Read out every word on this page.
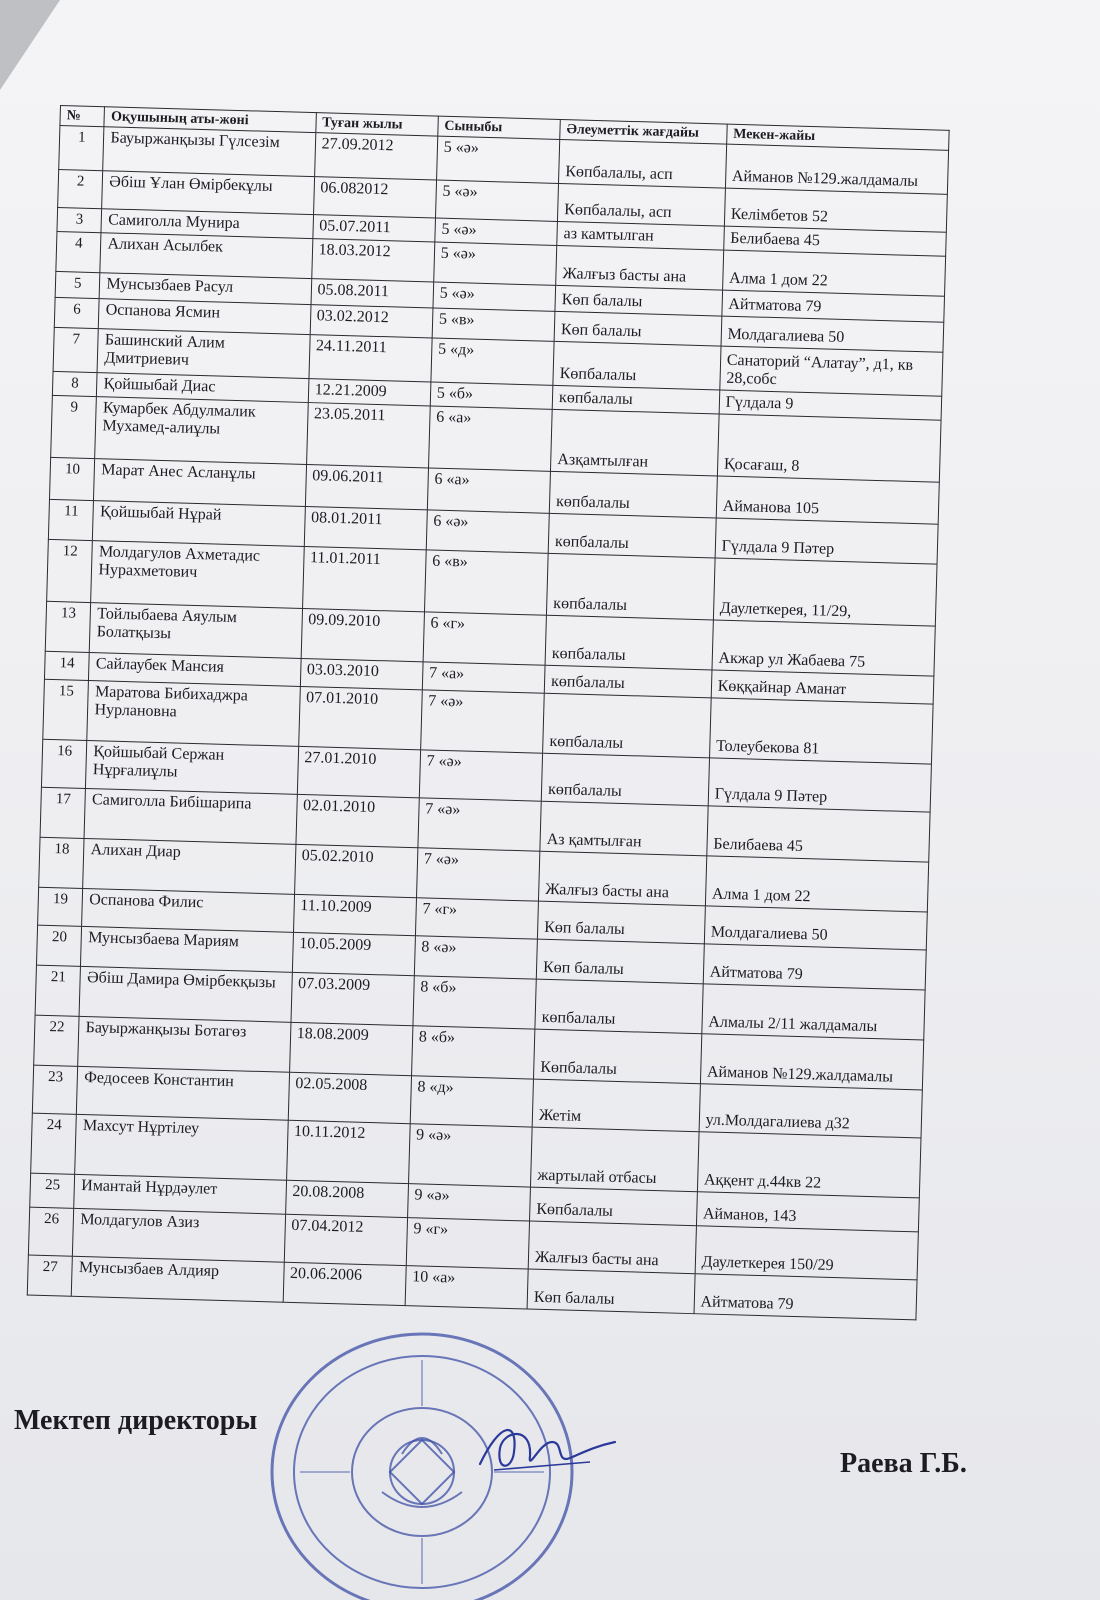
№	Оқушының аты-жөні	Туған жылы	Сыныбы	Әлеуметтік жағдайы	Мекен-жайы
1	Бауыржанқызы Гүлсезім	27.09.2012	5 «ә»	Көпбалалы, асп	Айманов №129.жалдамалы
2	Әбіш Ұлан Өмірбекұлы	06.082012	5 «ә»	Көпбалалы, асп	Келімбетов 52
3	Самиголла Мунира	05.07.2011	5 «ә»	аз камтылган	Белибаева 45
4	Алихан Асылбек	18.03.2012	5 «ә»	Жалғыз басты ана	Алма 1 дом 22
5	Мунсызбаев Расул	05.08.2011	5 «ә»	Көп балалы	Айтматова 79
6	Оспанова Ясмин	03.02.2012	5 «в»	Көп балалы	Молдагалиева 50
7	Башинский Алим Дмитриевич	24.11.2011	5 «д»	Көпбалалы	Санаторий “Алатау”, д1, кв 28,собс
8	Қойшыбай Диас	12.21.2009	5 «б»	көпбалалы	Гүлдала 9
9	Кумарбек Абдулмалик Мухамед-алиұлы	23.05.2011	6 «а»	Азқамтылған	Қосағаш, 8
10	Марат Анес Асланұлы	09.06.2011	6 «а»	көпбалалы	Айманова 105
11	Қойшыбай Нұрай	08.01.2011	6 «ә»	көпбалалы	Гүлдала 9 Пәтер
12	Молдагулов Ахметадис Нурахметович	11.01.2011	6 «в»	көпбалалы	Даулеткерея, 11/29,
13	Тойлыбаева Аяулым Болатқызы	09.09.2010	6 «г»	көпбалалы	Акжар ул Жабаева 75
14	Сайлаубек Мансия	03.03.2010	7 «а»	көпбалалы	Көққайнар Аманат
15	Маратова Бибихаджра Нурлановна	07.01.2010	7 «ә»	көпбалалы	Толеубекова 81
16	Қойшыбай Сержан Нұрғалиұлы	27.01.2010	7 «ә»	көпбалалы	Гүлдала 9 Пәтер
17	Самиголла Бибішарипа	02.01.2010	7 «ә»	Аз қамтылған	Белибаева 45
18	Алихан Диар	05.02.2010	7 «ә»	Жалғыз басты ана	Алма 1 дом 22
19	Оспанова Филис	11.10.2009	7 «г»	Көп балалы	Молдагалиева 50
20	Мунсызбаева Мариям	10.05.2009	8 «ә»	Көп балалы	Айтматова 79
21	Әбіш Дамира Өмірбекқызы	07.03.2009	8 «б»	көпбалалы	Алмалы 2/11 жалдамалы
22	Бауыржанқызы Ботагөз	18.08.2009	8 «б»	Көпбалалы	Айманов №129.жалдамалы
23	Федосеев Константин	02.05.2008	8 «д»	Жетім	ул.Молдагалиева д32
24	Махсут Нұртілеу	10.11.2012	9 «ә»	жартылай отбасы	Аққент д.44кв 22
25	Имантай Нұрдәулет	20.08.2008	9 «ә»	Көпбалалы	Айманов, 143
26	Молдагулов Азиз	07.04.2012	9 «г»	Жалғыз басты ана	Даулеткерея 150/29
27	Мунсызбаев Алдияр	20.06.2006	10 «а»	Көп балалы	Айтматова 79
Мектеп директоры
Раева Г.Б.
